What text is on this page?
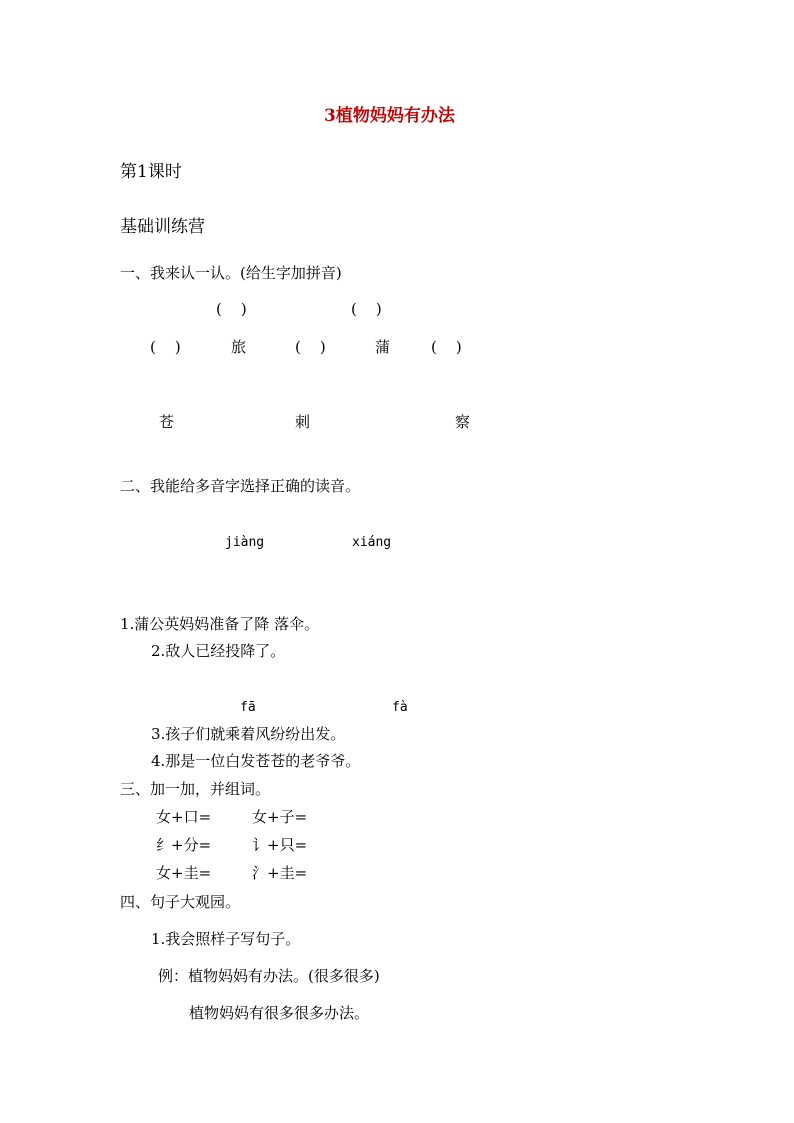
3植物妈妈有办法
第1课时
基础训练营
一、我来认一认。(给生字加拼音)
(    )	(    )
(    )	旅	(    )	蒲	(    )
苍	刺	察
二、我能给多音字选择正确的读音。
jiàng	xiáng
1.蒲公英妈妈准备了降 落伞。
2.敌人已经投降了。
fā	fà
3.孩子们就乘着风纷纷出发。
4.那是一位白发苍苍的老爷爷。
三、加一加，并组词。
女+口=	女+子=
纟+分=	讠+只=
女+圭=	氵+圭=
四、句子大观园。
1.我会照样子写句子。
例：植物妈妈有办法。(很多很多)
植物妈妈有很多很多办法。
